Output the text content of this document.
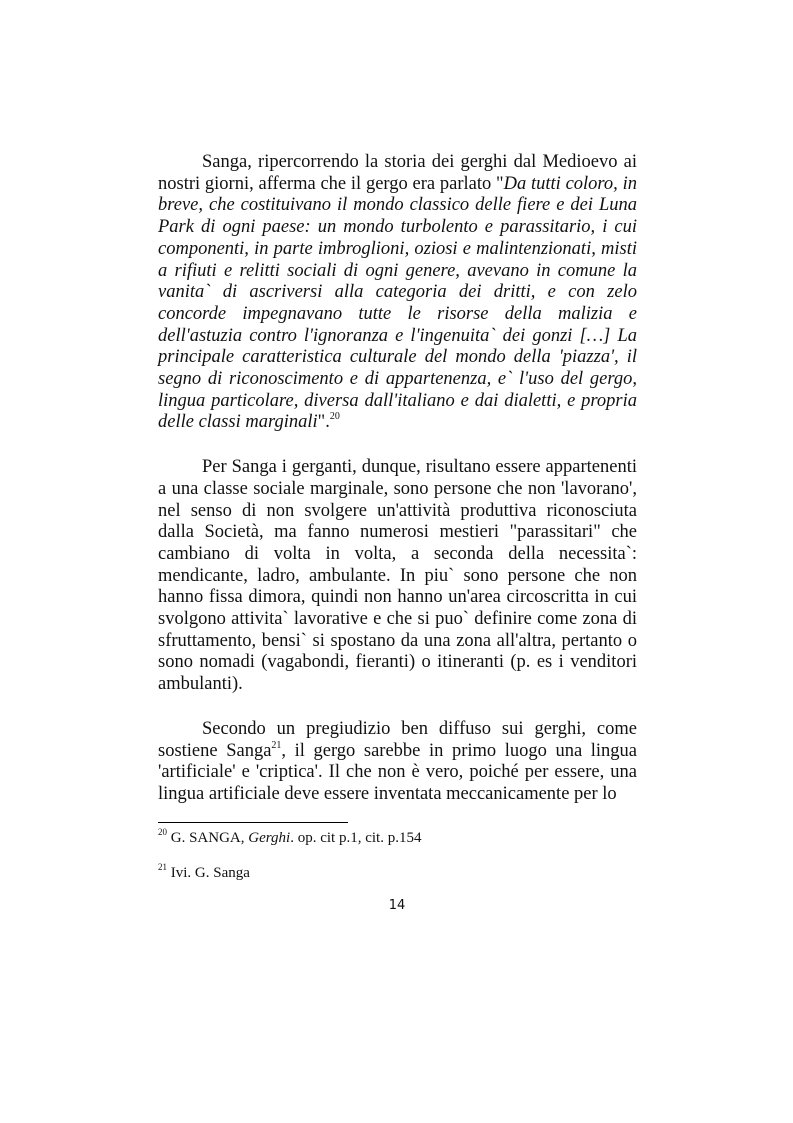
Sanga, ripercorrendo la storia dei gerghi dal Medioevo ai nostri giorni, afferma che il gergo era parlato "Da tutti coloro, in breve, che costituivano il mondo classico delle fiere e dei Luna Park di ogni paese: un mondo turbolento e parassitario, i cui componenti, in parte imbroglioni, oziosi e malintenzionati, misti a rifiuti e relitti sociali di ogni genere, avevano in comune la vanita` di ascriversi alla categoria dei dritti, e con zelo concorde impegnavano tutte le risorse della malizia e dell'astuzia contro l'ignoranza e l'ingenuita` dei gonzi […] La principale caratteristica culturale del mondo della 'piazza', il segno di riconoscimento e di appartenenza, e` l'uso del gergo, lingua particolare, diversa dall'italiano e dai dialetti, e propria delle classi marginali".$^{20}$

Per Sanga i gerganti, dunque, risultano essere appartenenti a una classe sociale marginale, sono persone che non 'lavorano', nel senso di non svolgere un'attività produttiva riconosciuta dalla Società, ma fanno numerosi mestieri "parassitari" che cambiano di volta in volta, a seconda della necessita`: mendicante, ladro, ambulante. In piu` sono persone che non hanno fissa dimora, quindi non hanno un'area circoscritta in cui svolgono attivita` lavorative e che si puo` definire come zona di sfruttamento, bensi` si spostano da una zona all'altra, pertanto o sono nomadi (vagabondi, fieranti) o itineranti (p. es i venditori ambulanti).

Secondo un pregiudizio ben diffuso sui gerghi, come sostiene Sanga$^{21}$, il gergo sarebbe in primo luogo una lingua 'artificiale' e 'criptica'. Il che non è vero, poiché per essere, una lingua artificiale deve essere inventata meccanicamente per lo

$^{20}$ G. SANGA, Gerghi. op. cit p.1, cit. p.154
$^{21}$ Ivi. G. Sanga
14
